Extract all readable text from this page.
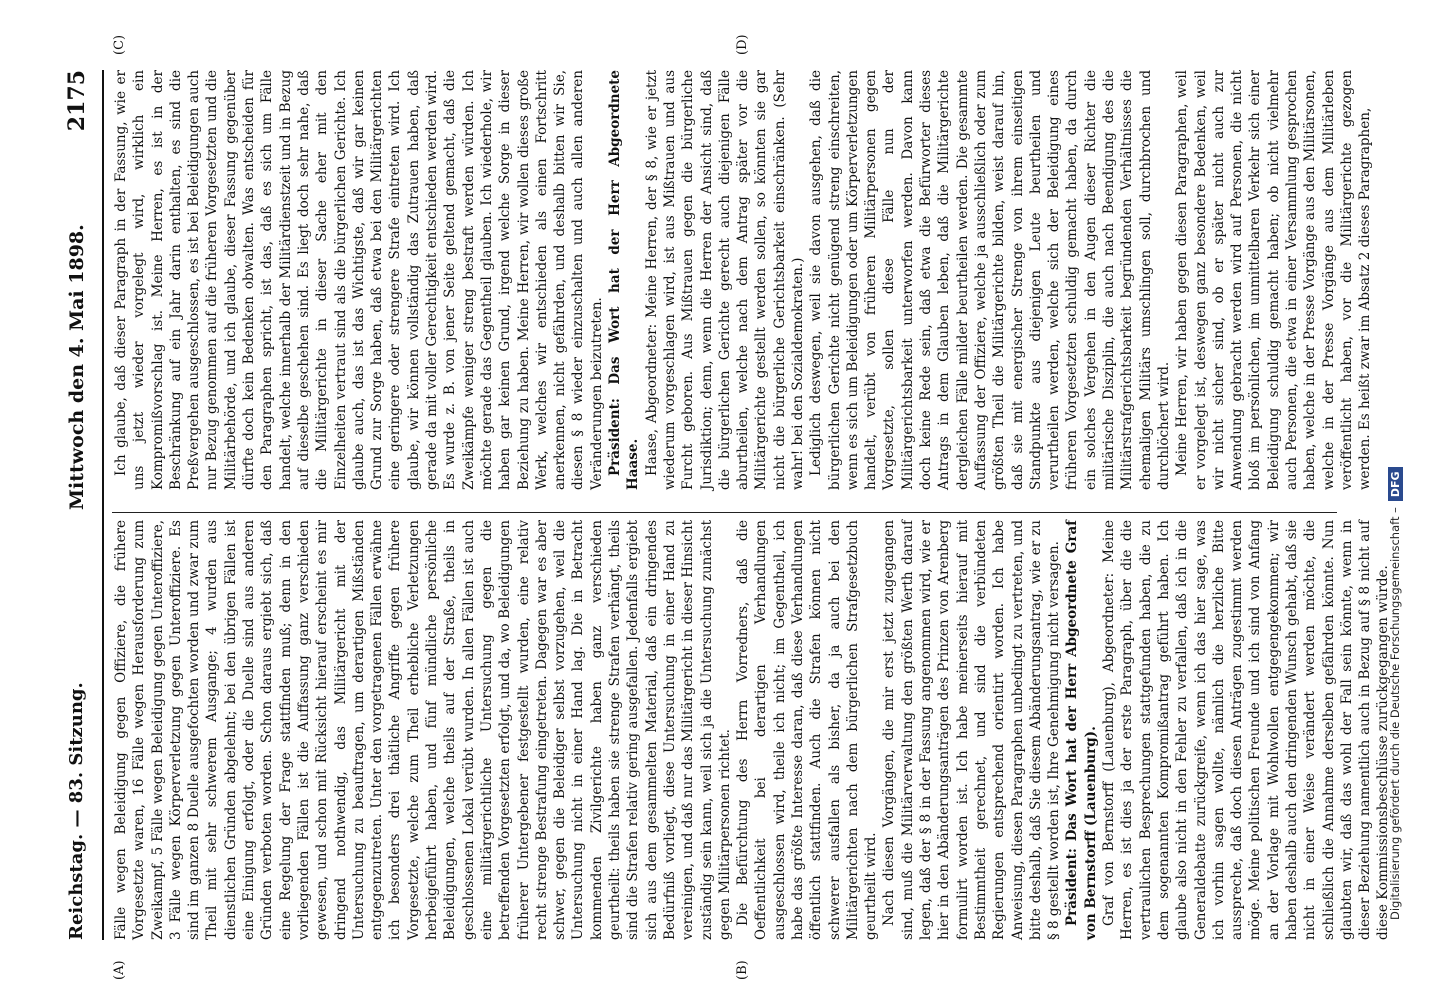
Reichstag. — 83. Sitzung.
Mittwoch den 4. Mai 1898.
2175
(A)	(B)
(C)	(D)

Fälle wegen Beleidigung gegen Offiziere, die frühere Vorgesetzte waren, 16 Fälle wegen Herausforderung zum Zweikampf, 5 Fälle wegen Beleidigung gegen Unteroffiziere, 3 Fälle wegen Körperverletzung gegen Unteroffiziere. Es sind im ganzen 8 Duelle ausgefochten worden und zwar zum Theil mit sehr schwerem Ausgange; 4 wurden aus dienstlichen Gründen abgelehnt; bei den übrigen Fällen ist eine Einigung erfolgt, oder die Duelle sind aus anderen Gründen verboten worden. Schon daraus ergiebt sich, daß eine Regelung der Frage stattfinden muß; denn in den vorliegenden Fällen ist die Auffassung ganz verschieden gewesen, und schon mit Rücksicht hierauf erscheint es mir dringend nothwendig, das Militärgericht mit der Untersuchung zu beauftragen, um derartigen Mißständen entgegenzutreten. Unter den vorgetragenen Fällen erwähne ich besonders drei thätliche Angriffe gegen frühere Vorgesetzte, welche zum Theil erhebliche Verletzungen herbeigeführt haben, und fünf mündliche persönliche Beleidigungen, welche theils auf der Straße, theils in geschlossenen Lokal verübt wurden. In allen Fällen ist auch eine militärgerichtliche Untersuchung gegen die betreffenden Vorgesetzten erfolgt, und da, wo Beleidigungen früherer Untergebener festgestellt wurden, eine relativ recht strenge Bestrafung eingetreten. Dagegen war es aber schwer, gegen die Beleidiger selbst vorzugehen, weil die Untersuchung nicht in einer Hand lag. Die in Betracht kommenden Zivilgerichte haben ganz verschieden geurtheilt: theils haben sie strenge Strafen verhängt, theils sind die Strafen relativ gering ausgefallen. Jedenfalls ergiebt sich aus dem gesammelten Material, daß ein dringendes Bedürfniß vorliegt, diese Untersuchung in einer Hand zu vereinigen, und daß nur das Militärgericht in dieser Hinsicht zuständig sein kann, weil sich ja die Untersuchung zunächst gegen Militärpersonen richtet. Die Befürchtung des Herrn Vorredners, daß die Oeffentlichkeit bei derartigen Verhandlungen ausgeschlossen wird, theile ich nicht; im Gegentheil, ich habe das größte Interesse daran, daß diese Verhandlungen öffentlich stattfinden. Auch die Strafen können nicht schwerer ausfallen als bisher, da ja auch bei den Militärgerichten nach dem bürgerlichen Strafgesetzbuch geurtheilt wird. Nach diesen Vorgängen, die mir erst jetzt zugegangen sind, muß die Militärverwaltung den größten Werth darauf legen, daß der § 8 in der Fassung angenommen wird, wie er hier in den Abänderungsanträgen des Prinzen von Arenberg formulirt worden ist. Ich habe meinerseits hierauf mit Bestimmtheit gerechnet, und sind die verbündeten Regierungen entsprechend orientirt worden. Ich habe Anweisung, diesen Paragraphen unbedingt zu vertreten, und bitte deshalb, daß Sie diesem Abänderungsantrag, wie er zu § 8 gestellt worden ist, Ihre Genehmigung nicht versagen. Präsident: Das Wort hat der Herr Abgeordnete Graf von Bernstorff (Lauenburg). Graf von Bernstorff (Lauenburg), Abgeordneter: Meine Herren, es ist dies ja der erste Paragraph, über die die vertraulichen Besprechungen stattgefunden haben, die zu dem sogenannten Kompromißantrag geführt haben. Ich glaube also nicht in den Fehler zu verfallen, daß ich in die Generaldebatte zurückgreife, wenn ich das hier sage, was ich vorhin sagen wollte, nämlich die herzliche Bitte ausspreche, daß doch diesen Anträgen zugestimmt werden möge. Meine politischen Freunde und ich sind von Anfang an der Vorlage mit Wohlwollen entgegengekommen; wir haben deshalb auch den dringenden Wunsch gehabt, daß sie nicht in einer Weise verändert werden möchte, die schließlich die Annahme derselben gefährden könnte. Nun glaubten wir, daß das wohl der Fall sein könnte, wenn in dieser Beziehung namentlich auch in Bezug auf § 8 nicht auf diese Kommissionsbeschlüsse zurückgegangen würde.

Ich glaube, daß dieser Paragraph in der Fassung, wie er uns jetzt wieder vorgelegt wird, wirklich ein Kompromißvorschlag ist. Meine Herren, es ist in der Beschränkung auf ein Jahr darin enthalten, es sind die Preßvergehen ausgeschlossen, es ist bei Beleidigungen auch nur Bezug genommen auf die früheren Vorgesetzten und die Militärbehörde, und ich glaube, dieser Fassung gegenüber dürfte doch kein Bedenken obwalten. Was entscheiden für den Paragraphen spricht, ist das, daß es sich um Fälle handelt, welche innerhalb der Militärdienstzeit und in Bezug auf dieselbe geschehen sind. Es liegt doch sehr nahe, daß die Militärgerichte in dieser Sache eher mit den Einzelheiten vertraut sind als die bürgerlichen Gerichte. Ich glaube auch, das ist das Wichtigste, daß wir gar keinen Grund zur Sorge haben, daß etwa bei den Militärgerichten eine geringere oder strengere Strafe eintreten wird. Ich glaube, wir können vollständig das Zutrauen haben, daß gerade da mit voller Gerechtigkeit entschieden werden wird. Es wurde z. B. von jener Seite geltend gemacht, daß die Zweikämpfe weniger streng bestraft werden würden. Ich möchte gerade das Gegentheil glauben. Ich wiederhole, wir haben gar keinen Grund, irgend welche Sorge in dieser Beziehung zu haben. Meine Herren, wir wollen dieses große Werk, welches wir entschieden als einen Fortschritt anerkennen, nicht gefährden, und deshalb bitten wir Sie, diesen § 8 wieder einzuschalten und auch allen anderen Veränderungen beizutreten. Präsident: Das Wort hat der Herr Abgeordnete Haase. Haase, Abgeordneter: Meine Herren, der § 8, wie er jetzt wiederum vorgeschlagen wird, ist aus Mißtrauen und aus Furcht geboren. Aus Mißtrauen gegen die bürgerliche Jurisdiktion; denn, wenn die Herren der Ansicht sind, daß die bürgerlichen Gerichte gerecht auch diejenigen Fälle aburtheilen, welche nach dem Antrag später vor die Militärgerichte gestellt werden sollen, so könnten sie gar nicht die bürgerliche Gerichtsbarkeit einschränken. (Sehr wahr! bei den Sozialdemokraten.) Lediglich deswegen, weil sie davon ausgehen, daß die bürgerlichen Gerichte nicht genügend streng einschreiten, wenn es sich um Beleidigungen oder um Körperverletzungen handelt, verübt von früheren Militärpersonen gegen Vorgesetzte, sollen diese Fälle nun der Militärgerichtsbarkeit unterworfen werden. Davon kann doch keine Rede sein, daß etwa die Befürworter dieses Antrags in dem Glauben leben, daß die Militärgerichte dergleichen Fälle milder beurtheilen werden. Die gesammte Auffassung der Offiziere, welche ja ausschließlich oder zum größten Theil die Militärgerichte bilden, weist darauf hin, daß sie mit energischer Strenge von ihrem einseitigen Standpunkte aus diejenigen Leute beurtheilen und verurtheilen werden, welche sich der Beleidigung eines früheren Vorgesetzten schuldig gemacht haben, da durch ein solches Vergehen in den Augen dieser Richter die militärische Disziplin, die auch nach Beendigung des die Militärstrafgerichtsbarkeit begründenden Verhältnisses die ehemaligen Militärs umschlingen soll, durchbrochen und durchlöchert wird. Meine Herren, wir haben gegen diesen Paragraphen, weil er vorgelegt ist, deswegen ganz besondere Bedenken, weil wir nicht sicher sind, ob er später nicht auch zur Anwendung gebracht werden wird auf Personen, die nicht bloß im persönlichen, im unmittelbaren Verkehr sich einer Beleidigung schuldig gemacht haben; ob nicht vielmehr auch Personen, die etwa in einer Versammlung gesprochen haben, welche in der Presse Vorgänge aus den Militärsonen, welche in der Presse Vorgänge aus dem Militärleben veröffentlicht haben, vor die Militärgerichte gezogen werden. Es heißt zwar im Absatz 2 dieses Paragraphen,

Digitalisierung gefördert durch die Deutsche Forschungsgemeinschaft –DFG
